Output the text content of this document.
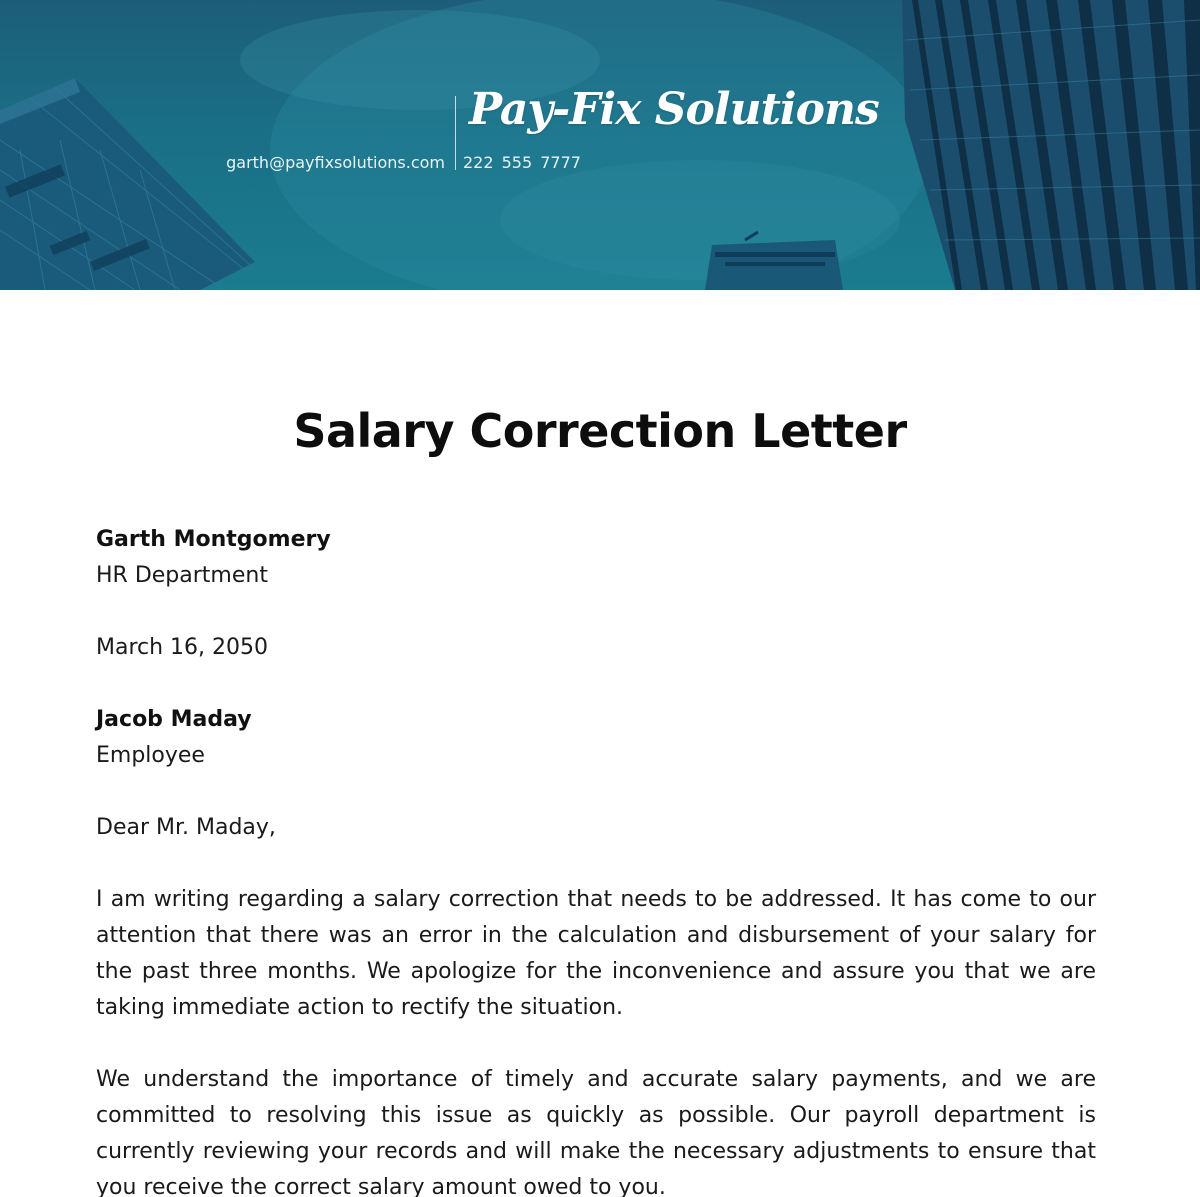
Pay-Fix Solutions
garth@payfixsolutions.com 222 555 7777
Salary Correction Letter

Garth Montgomery
HR Department

March 16, 2050

Jacob Maday
Employee

Dear Mr. Maday,

I am writing regarding a salary correction that needs to be addressed. It has come to our attention that there was an error in the calculation and disbursement of your salary for the past three months. We apologize for the inconvenience and assure you that we are taking immediate action to rectify the situation.

We understand the importance of timely and accurate salary payments, and we are committed to resolving this issue as quickly as possible. Our payroll department is currently reviewing your records and will make the necessary adjustments to ensure that you receive the correct salary amount owed to you.
